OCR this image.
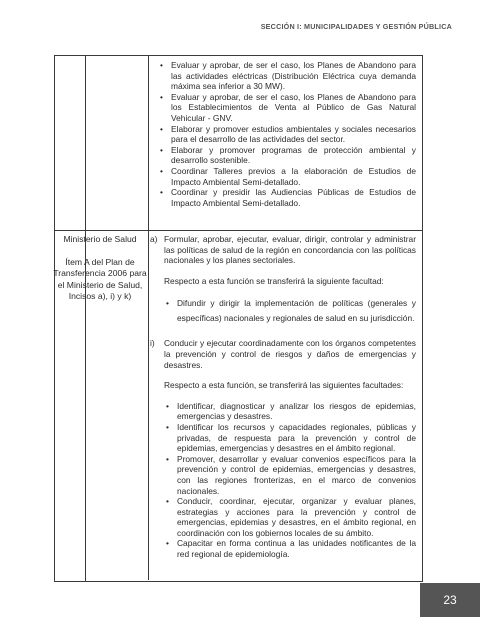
SECCIÓN I: MUNICIPALIDADES Y GESTIÓN PÚBLICA
• Evaluar y aprobar, de ser el caso, los Planes de Abandono para las actividades eléctricas (Distribución Eléctrica cuya demanda máxima sea inferior a 30 MW).
• Evaluar y aprobar, de ser el caso, los Planes de Abandono para los Establecimientos de Venta al Público de Gas Natural Vehicular - GNV.
• Elaborar y promover estudios ambientales y sociales necesarios para el desarrollo de las actividades del sector.
• Elaborar y promover programas de protección ambiental y desarrollo sostenible.
• Coordinar Talleres previos a la elaboración de Estudios de Impacto Ambiental Semi-detallado.
• Coordinar y presidir las Audiencias Públicas de Estudios de Impacto Ambiental Semi-detallado.

Ministerio de Salud

Ítem A del Plan de Transferencia 2006 para el Ministerio de Salud, Incisos a), i) y k)

a) Formular, aprobar, ejecutar, evaluar, dirigir, controlar y administrar las políticas de salud de la región en concordancia con las políticas nacionales y los planes sectoriales.

Respecto a esta función se transferirá la siguiente facultad:

• Difundir y dirigir la implementación de políticas (generales y específicas) nacionales y regionales de salud en su jurisdicción.
i) Conducir y ejecutar coordinadamente con los órganos competentes la prevención y control de riesgos y daños de emergencias y desastres.

Respecto a esta función, se transferirá las siguientes facultades:

• Identificar, diagnosticar y analizar los riesgos de epidemias, emergencias y desastres.
• Identificar los recursos y capacidades regionales, públicas y privadas, de respuesta para la prevención y control de epidemias, emergencias y desastres en el ámbito regional.
• Promover, desarrollar y evaluar convenios específicos para la prevención y control de epidemias, emergencias y desastres, con las regiones fronterizas, en el marco de convenios nacionales.
• Conducir, coordinar, ejecutar, organizar y evaluar planes, estrategias y acciones para la prevención y control de emergencias, epidemias y desastres, en el ámbito regional, en coordinación con los gobiernos locales de su ámbito.
• Capacitar en forma continua a las unidades notificantes de la red regional de epidemiología.
23
